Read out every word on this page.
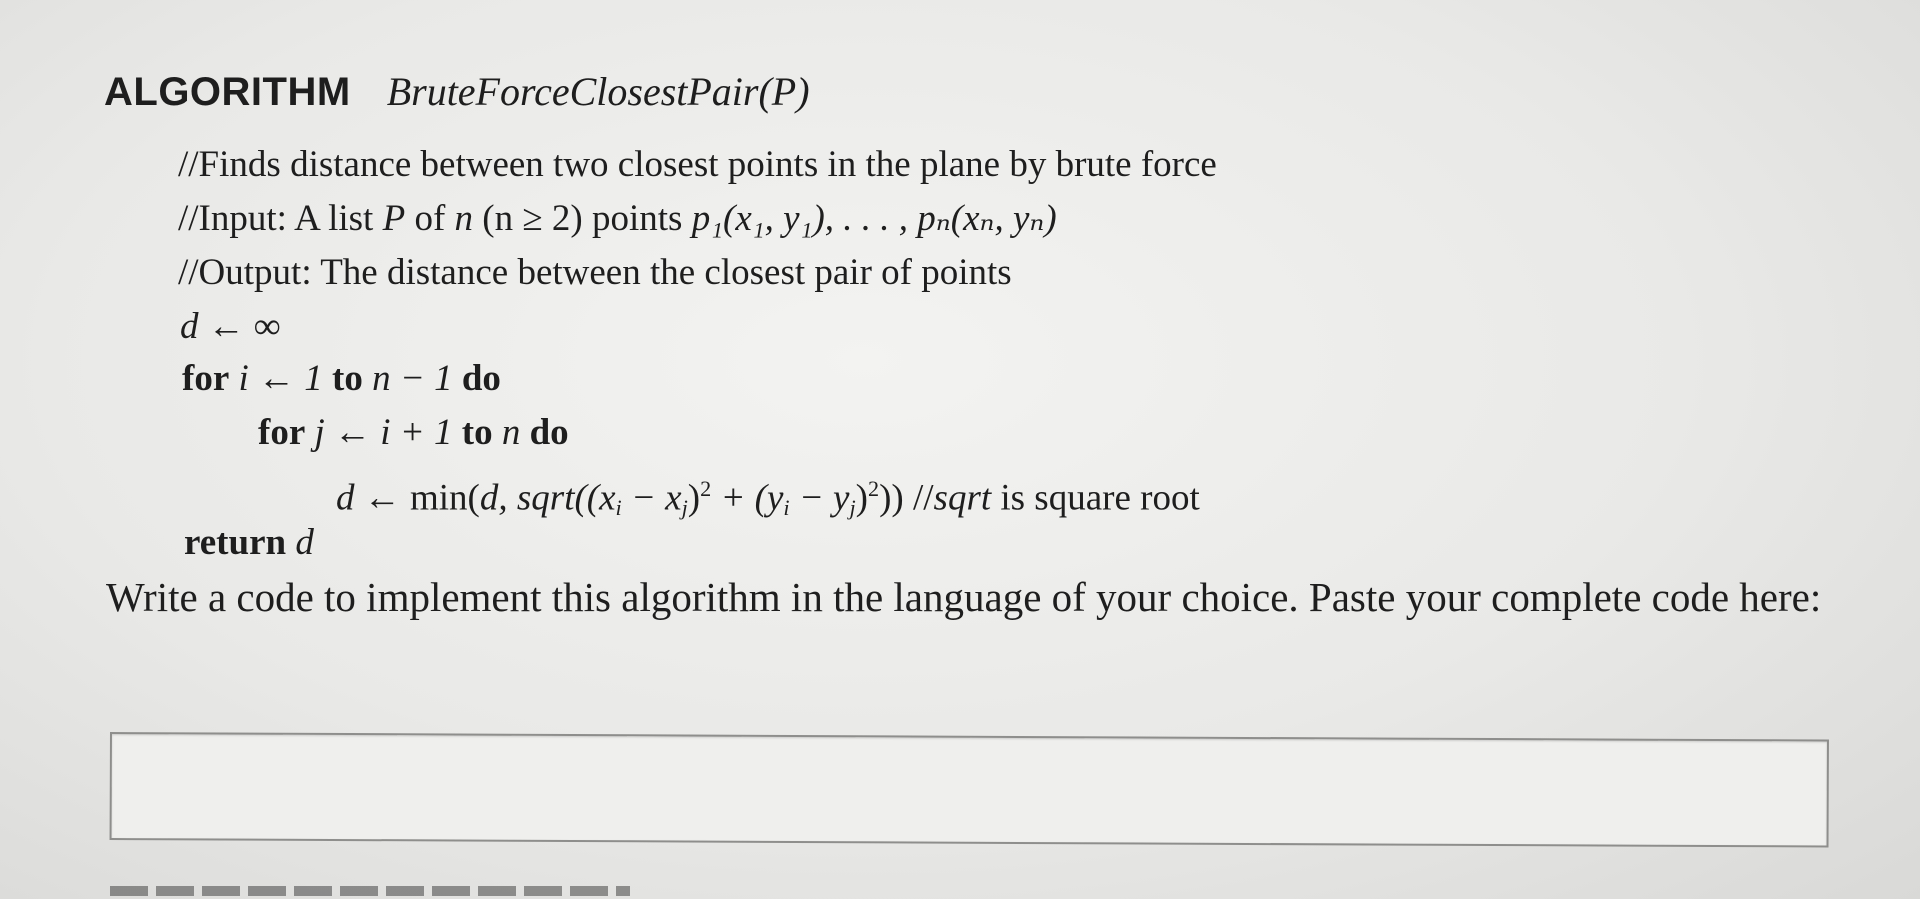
ALGORITHM BruteForceClosestPair(P)
//Finds distance between two closest points in the plane by brute force
//Input: A list P of n (n ≥ 2) points p₁(x₁, y₁), . . . , pₙ(xₙ, yₙ)
//Output: The distance between the closest pair of points
d ← ∞
for i ← 1 to n − 1 do
for j ← i + 1 to n do
d ← min(d, $sqrt((x_i - x_j)^2 + (y_i - y_j)^2)$) //sqrt is square root
return d
Write a code to implement this algorithm in the language of your choice. Paste your complete code here:
